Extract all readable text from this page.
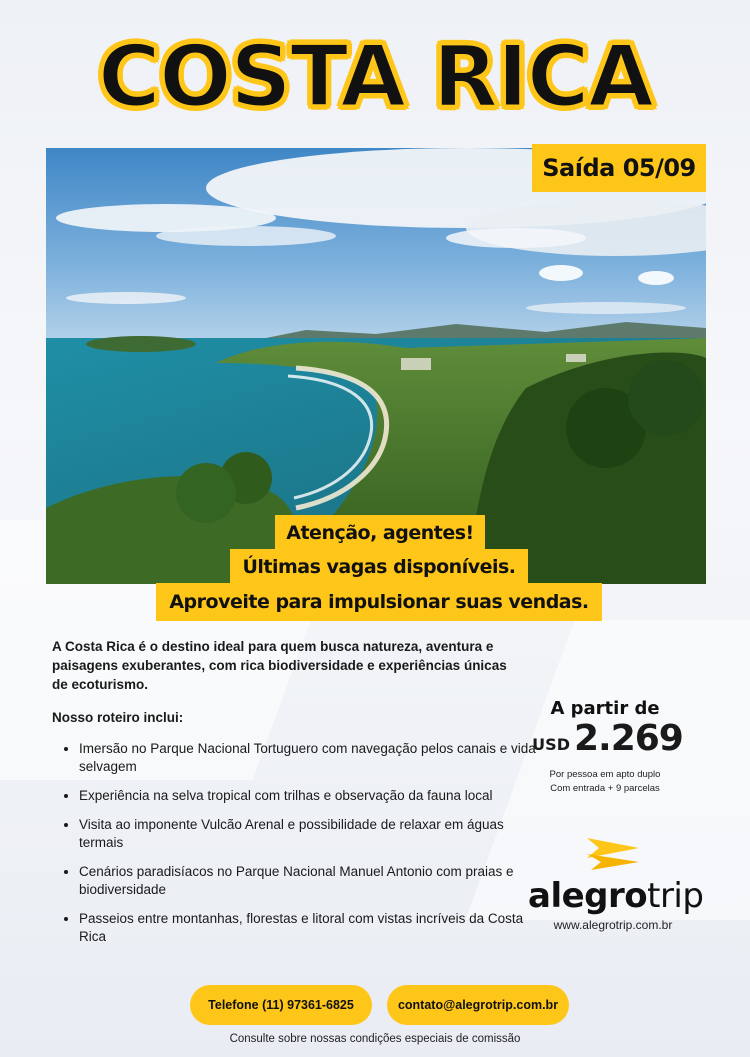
COSTA RICA
Saída 05/09
Atenção, agentes!
Últimas vagas disponíveis.
Aproveite para impulsionar suas vendas.
A Costa Rica é o destino ideal para quem busca natureza, aventura e paisagens exuberantes, com rica biodiversidade e experiências únicas de ecoturismo.
Nosso roteiro inclui:
• Imersão no Parque Nacional Tortuguero com navegação pelos canais e vida selvagem
• Experiência na selva tropical com trilhas e observação da fauna local
• Visita ao imponente Vulcão Arenal e possibilidade de relaxar em águas termais
• Cenários paradisíacos no Parque Nacional Manuel Antonio com praias e biodiversidade
• Passeios entre montanhas, florestas e litoral com vistas incríveis da Costa Rica
A partir de
USD 2.269
Por pessoa em apto duplo
Com entrada + 9 parcelas
alegrotrip
www.alegrotrip.com.br
Telefone (11) 97361-6825	contato@alegrotrip.com.br
Consulte sobre nossas condições especiais de comissão
